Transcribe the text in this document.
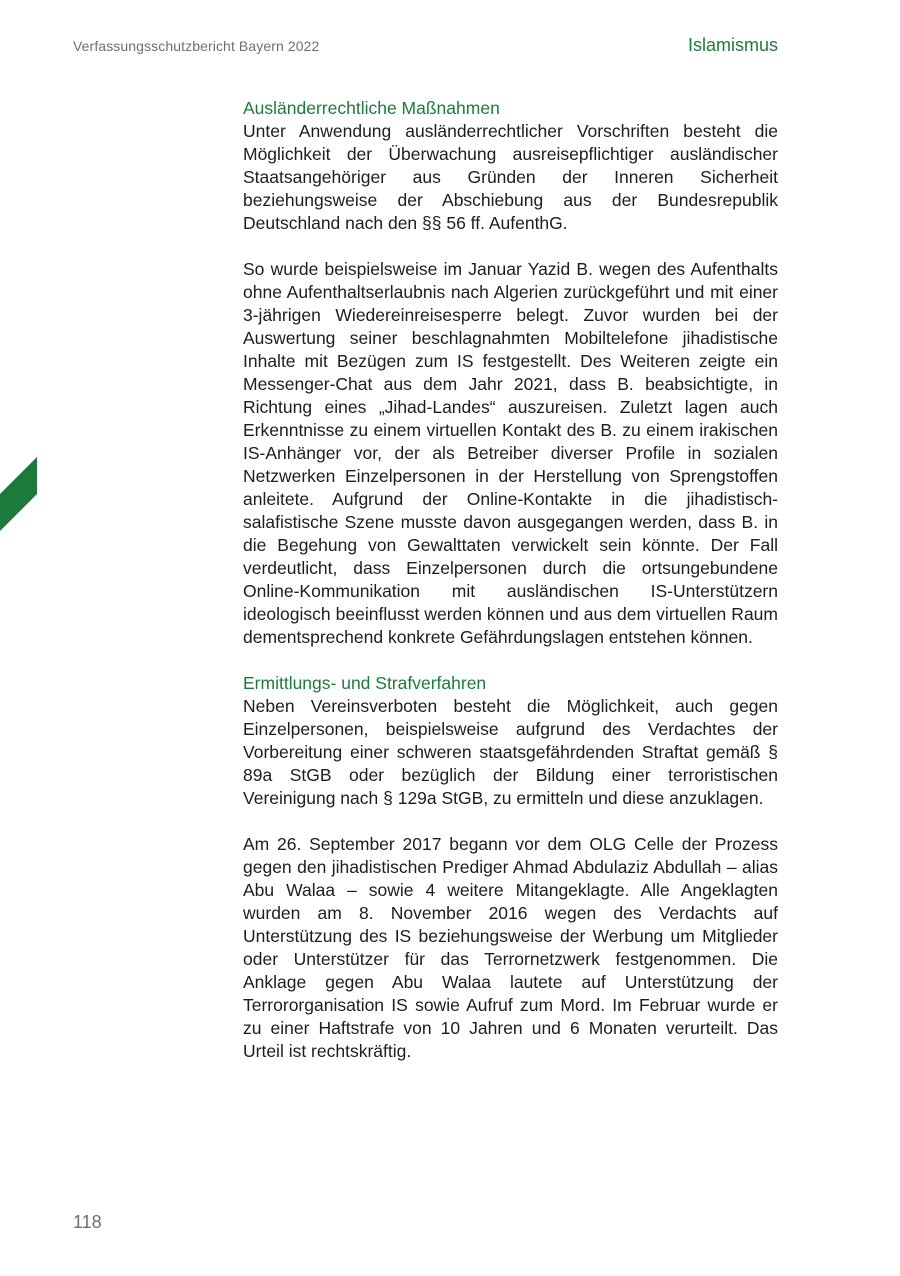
Verfassungsschutzbericht Bayern 2022	Islamismus
Ausländerrechtliche Maßnahmen

Unter Anwendung ausländerrechtlicher Vorschriften besteht die Möglichkeit der Überwachung ausreisepflichtiger ausländischer Staatsangehöriger aus Gründen der Inneren Sicherheit beziehungsweise der Abschiebung aus der Bundesrepublik Deutschland nach den §§ 56 ff. AufenthG.

So wurde beispielsweise im Januar Yazid B. wegen des Aufenthalts ohne Aufenthaltserlaubnis nach Algerien zurückgeführt und mit einer 3-jährigen Wiedereinreisesperre belegt. Zuvor wurden bei der Auswertung seiner beschlagnahmten Mobiltelefone jihadistische Inhalte mit Bezügen zum IS festgestellt. Des Weiteren zeigte ein Messenger-Chat aus dem Jahr 2021, dass B. beabsichtigte, in Richtung eines „Jihad-Landes“ auszureisen. Zuletzt lagen auch Erkenntnisse zu einem virtuellen Kontakt des B. zu einem irakischen IS-Anhänger vor, der als Betreiber diverser Profile in sozialen Netzwerken Einzelpersonen in der Herstellung von Sprengstoffen anleitete. Aufgrund der Online-Kontakte in die jihadistisch-salafistische Szene musste davon ausgegangen werden, dass B. in die Begehung von Gewalttaten verwickelt sein könnte. Der Fall verdeutlicht, dass Einzelpersonen durch die ortsungebundene Online-Kommunikation mit ausländischen IS-Unterstützern ideologisch beeinflusst werden können und aus dem virtuellen Raum dementsprechend konkrete Gefährdungslagen entstehen können.

Ermittlungs- und Strafverfahren

Neben Vereinsverboten besteht die Möglichkeit, auch gegen Einzelpersonen, beispielsweise aufgrund des Verdachtes der Vorbereitung einer schweren staatsgefährdenden Straftat gemäß § 89a StGB oder bezüglich der Bildung einer terroristischen Vereinigung nach § 129a StGB, zu ermitteln und diese anzuklagen.

Am 26. September 2017 begann vor dem OLG Celle der Prozess gegen den jihadistischen Prediger Ahmad Abdulaziz Abdullah – alias Abu Walaa – sowie 4 weitere Mitangeklagte. Alle Angeklagten wurden am 8. November 2016 wegen des Verdachts auf Unterstützung des IS beziehungsweise der Werbung um Mitglieder oder Unterstützer für das Terrornetzwerk festgenommen. Die Anklage gegen Abu Walaa lautete auf Unterstützung der Terrororganisation IS sowie Aufruf zum Mord. Im Februar wurde er zu einer Haftstrafe von 10 Jahren und 6 Monaten verurteilt. Das Urteil ist rechtskräftig.

118
